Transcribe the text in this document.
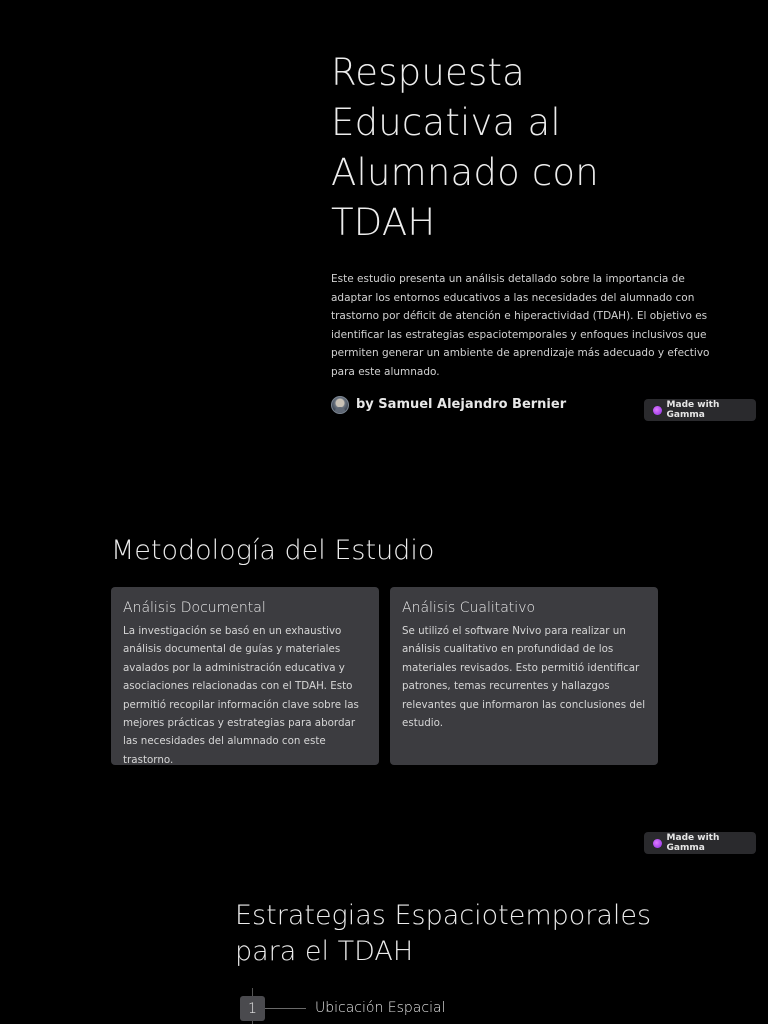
Respuesta
Educativa al
Alumnado con
TDAH

Este estudio presenta un análisis detallado sobre la importancia de adaptar los entornos educativos a las necesidades del alumnado con trastorno por déficit de atención e hiperactividad (TDAH). El objetivo es identificar las estrategias espaciotemporales y enfoques inclusivos que permiten generar un ambiente de aprendizaje más adecuado y efectivo para este alumnado.

by Samuel Alejandro Bernier	Made with Gamma
Metodología del Estudio
Análisis Documental

La investigación se basó en un exhaustivo análisis documental de guías y materiales avalados por la administración educativa y asociaciones relacionadas con el TDAH. Esto permitió recopilar información clave sobre las mejores prácticas y estrategias para abordar las necesidades del alumnado con este trastorno.

Análisis Cualitativo

Se utilizó el software Nvivo para realizar un análisis cualitativo en profundidad de los materiales revisados. Esto permitió identificar patrones, temas recurrentes y hallazgos relevantes que informaron las conclusiones del estudio.

Made with Gamma
Estrategias Espaciotemporales para el TDAH
1	Ubicación Espacial
